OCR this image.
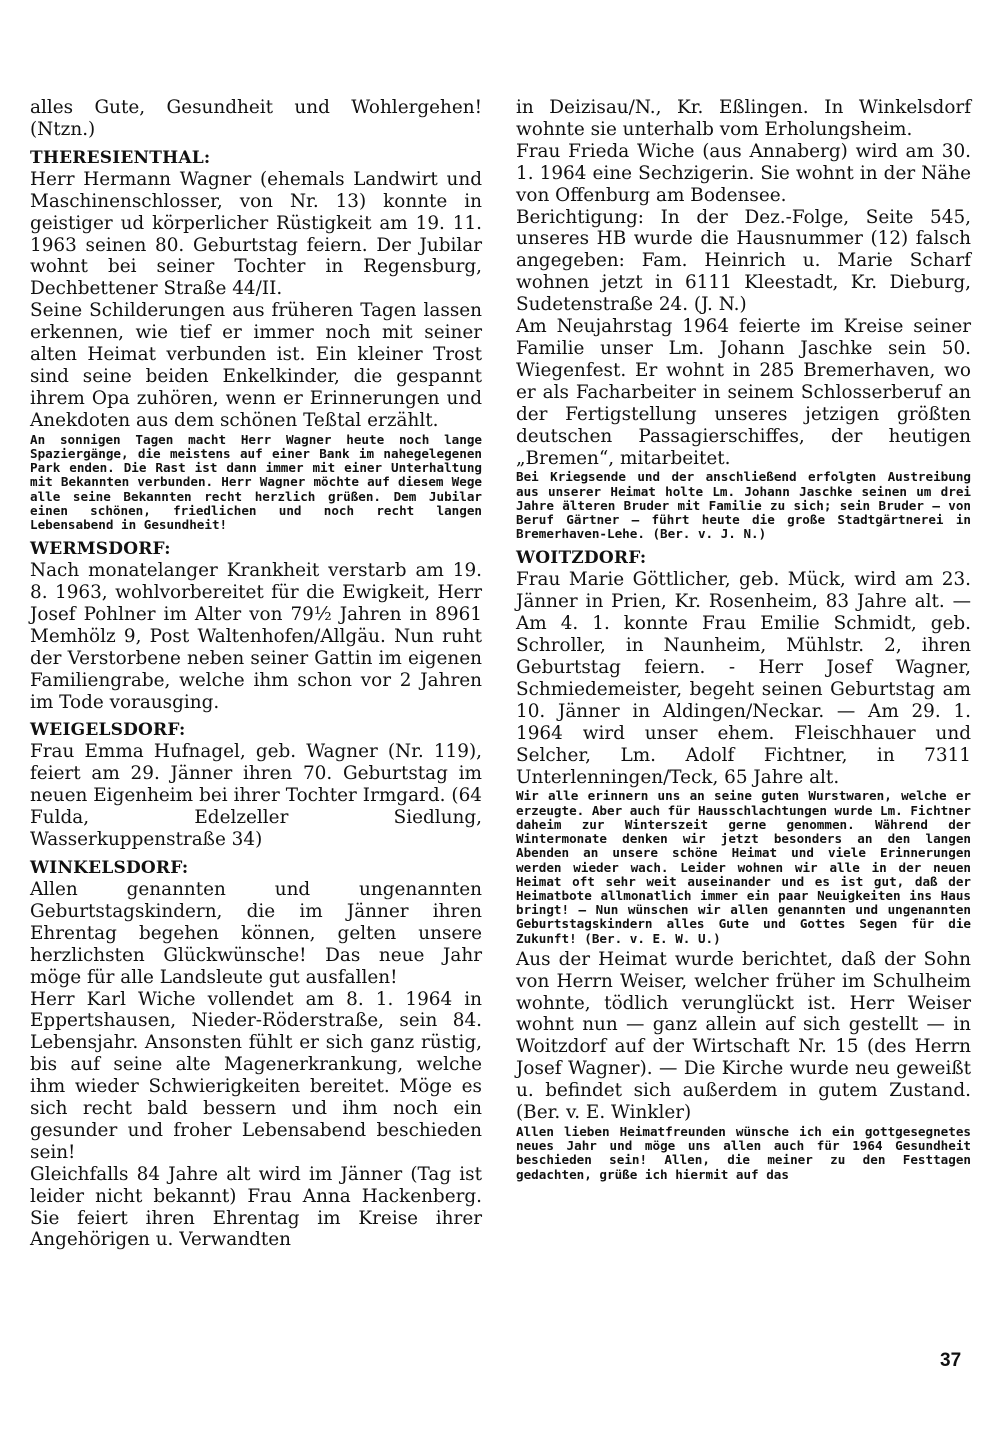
alles Gute, Gesundheit und Wohlergehen! (Ntzn.)

THERESIENTHAL:

Herr Hermann Wagner (ehemals Landwirt und Maschinenschlosser, von Nr. 13) konnte in geistiger ud körperlicher Rüstigkeit am 19. 11. 1963 seinen 80. Geburtstag feiern. Der Jubilar wohnt bei seiner Tochter in Regensburg, Dechbettener Straße 44/II.

Seine Schilderungen aus früheren Tagen lassen erkennen, wie tief er immer noch mit seiner alten Heimat verbunden ist. Ein kleiner Trost sind seine beiden Enkelkinder, die gespannt ihrem Opa zuhören, wenn er Erinnerungen und Anekdoten aus dem schönen Teßtal erzählt.

An sonnigen Tagen macht Herr Wagner heute noch lange Spaziergänge, die meistens auf einer Bank im nahegelegenen Park enden. Die Rast ist dann immer mit einer Unterhaltung mit Bekannten verbunden. Herr Wagner möchte auf diesem Wege alle seine Bekannten recht herzlich grüßen. Dem Jubilar einen schönen, friedlichen und noch recht langen Lebensabend in Gesundheit!

WERMSDORF:

Nach monatelanger Krankheit verstarb am 19. 8. 1963, wohlvorbereitet für die Ewigkeit, Herr Josef Pohlner im Alter von 79½ Jahren in 8961 Memhölz 9, Post Waltenhofen/Allgäu. Nun ruht der Verstorbene neben seiner Gattin im eigenen Familiengrabe, welche ihm schon vor 2 Jahren im Tode vorausging.

WEIGELSDORF:

Frau Emma Hufnagel, geb. Wagner (Nr. 119), feiert am 29. Jänner ihren 70. Geburtstag im neuen Eigenheim bei ihrer Tochter Irmgard. (64 Fulda, Edelzeller Siedlung, Wasserkuppenstraße 34)

WINKELSDORF:

Allen genannten und ungenannten Geburtstagskindern, die im Jänner ihren Ehrentag begehen können, gelten unsere herzlichsten Glückwünsche! Das neue Jahr möge für alle Landsleute gut ausfallen!

Herr Karl Wiche vollendet am 8. 1. 1964 in Eppertshausen, Nieder-Röderstraße, sein 84. Lebensjahr. Ansonsten fühlt er sich ganz rüstig, bis auf seine alte Magenerkrankung, welche ihm wieder Schwierigkeiten bereitet. Möge es sich recht bald bessern und ihm noch ein gesunder und froher Lebensabend beschieden sein!

Gleichfalls 84 Jahre alt wird im Jänner (Tag ist leider nicht bekannt) Frau Anna Hackenberg. Sie feiert ihren Ehrentag im Kreise ihrer Angehörigen u. Verwandten

in Deizisau/N., Kr. Eßlingen. In Winkelsdorf wohnte sie unterhalb vom Erholungsheim.

Frau Frieda Wiche (aus Annaberg) wird am 30. 1. 1964 eine Sechzigerin. Sie wohnt in der Nähe von Offenburg am Bodensee.

Berichtigung: In der Dez.-Folge, Seite 545, unseres HB wurde die Hausnummer (12) falsch angegeben: Fam. Heinrich u. Marie Scharf wohnen jetzt in 6111 Kleestadt, Kr. Dieburg, Sudetenstraße 24. (J. N.)

Am Neujahrstag 1964 feierte im Kreise seiner Familie unser Lm. Johann Jaschke sein 50. Wiegenfest. Er wohnt in 285 Bremerhaven, wo er als Facharbeiter in seinem Schlosserberuf an der Fertigstellung unseres jetzigen größten deutschen Passagierschiffes, der heutigen „Bremen“, mitarbeitet.

Bei Kriegsende und der anschließend erfolgten Austreibung aus unserer Heimat holte Lm. Johann Jaschke seinen um drei Jahre älteren Bruder mit Familie zu sich; sein Bruder — von Beruf Gärtner — führt heute die große Stadtgärtnerei in Bremerhaven-Lehe. (Ber. v. J. N.)

WOITZDORF:

Frau Marie Göttlicher, geb. Mück, wird am 23. Jänner in Prien, Kr. Rosenheim, 83 Jahre alt. — Am 4. 1. konnte Frau Emilie Schmidt, geb. Schroller, in Naunheim, Mühlstr. 2, ihren Geburtstag feiern. - Herr Josef Wagner, Schmiedemeister, begeht seinen Geburtstag am 10. Jänner in Aldingen/Neckar. — Am 29. 1. 1964 wird unser ehem. Fleischhauer und Selcher, Lm. Adolf Fichtner, in 7311 Unterlenningen/Teck, 65 Jahre alt.

Wir alle erinnern uns an seine guten Wurstwaren, welche er erzeugte. Aber auch für Hausschlachtungen wurde Lm. Fichtner daheim zur Winterszeit gerne genommen. Während der Wintermonate denken wir jetzt besonders an den langen Abenden an unsere schöne Heimat und viele Erinnerungen werden wieder wach. Leider wohnen wir alle in der neuen Heimat oft sehr weit auseinander und es ist gut, daß der Heimatbote allmonatlich immer ein paar Neuigkeiten ins Haus bringt! — Nun wünschen wir allen genannten und ungenannten Geburtstagskindern alles Gute und Gottes Segen für die Zukunft! (Ber. v. E. W. U.)

Aus der Heimat wurde berichtet, daß der Sohn von Herrn Weiser, welcher früher im Schulheim wohnte, tödlich verunglückt ist. Herr Weiser wohnt nun — ganz allein auf sich gestellt — in Woitzdorf auf der Wirtschaft Nr. 15 (des Herrn Josef Wagner). — Die Kirche wurde neu geweißt u. befindet sich außerdem in gutem Zustand. (Ber. v. E. Winkler)

Allen lieben Heimatfreunden wünsche ich ein gottgesegnetes neues Jahr und möge uns allen auch für 1964 Gesundheit beschieden sein! Allen, die meiner zu den Festtagen gedachten, grüße ich hiermit auf das

37
